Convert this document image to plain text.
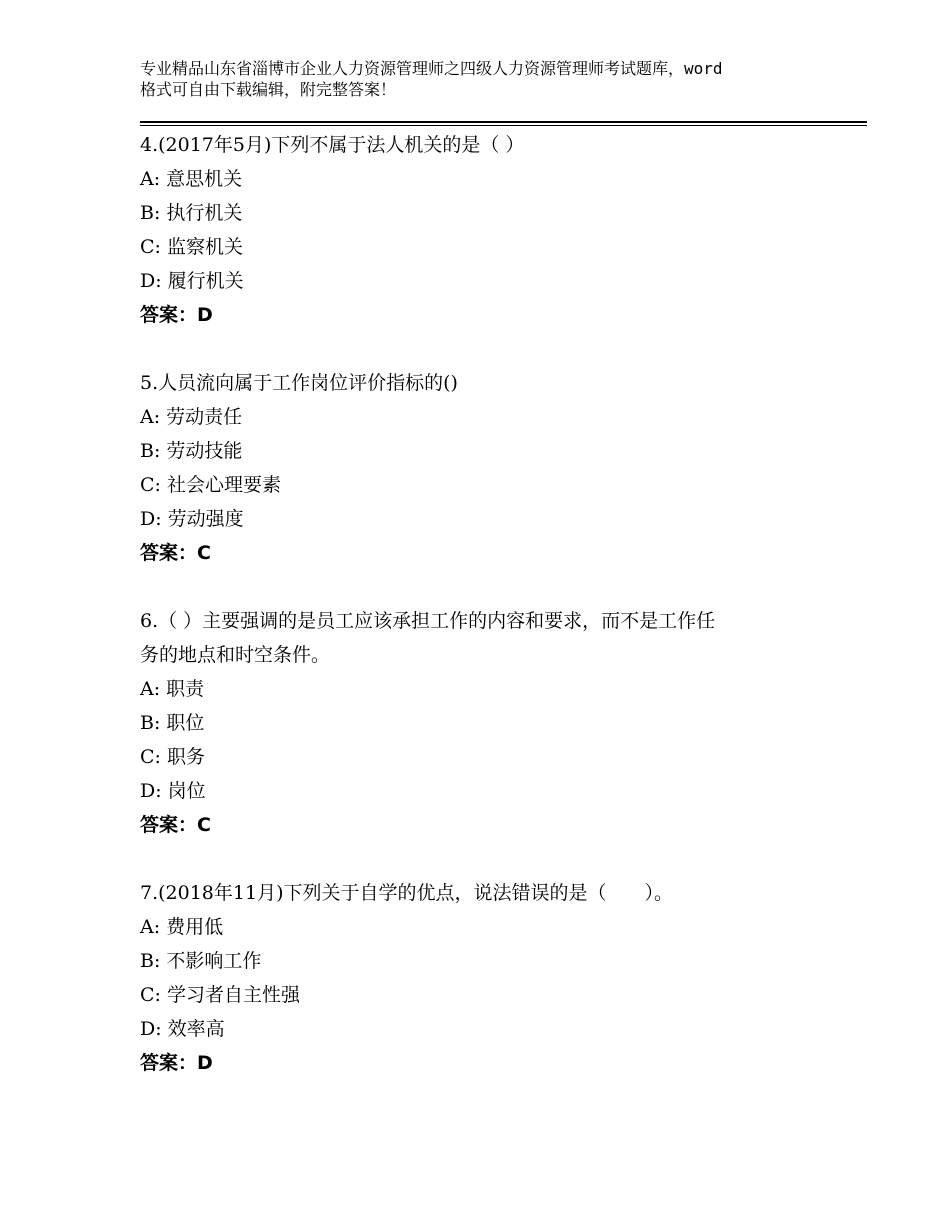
专业精品山东省淄博市企业人力资源管理师之四级人力资源管理师考试题库，word
格式可自由下载编辑，附完整答案！
4.(2017年5月)下列不属于法人机关的是（ ）
A: 意思机关
B: 执行机关
C: 监察机关
D: 履行机关
答案：D
5.人员流向属于工作岗位评价指标的()
A: 劳动责任
B: 劳动技能
C: 社会心理要素
D: 劳动强度
答案：C
6.（ ）主要强调的是员工应该承担工作的内容和要求，而不是工作任
务的地点和时空条件。
A: 职责
B: 职位
C: 职务
D: 岗位
答案：C
7.(2018年11月)下列关于自学的优点，说法错误的是（　　）。
A: 费用低
B: 不影响工作
C: 学习者自主性强
D: 效率高
答案：D
